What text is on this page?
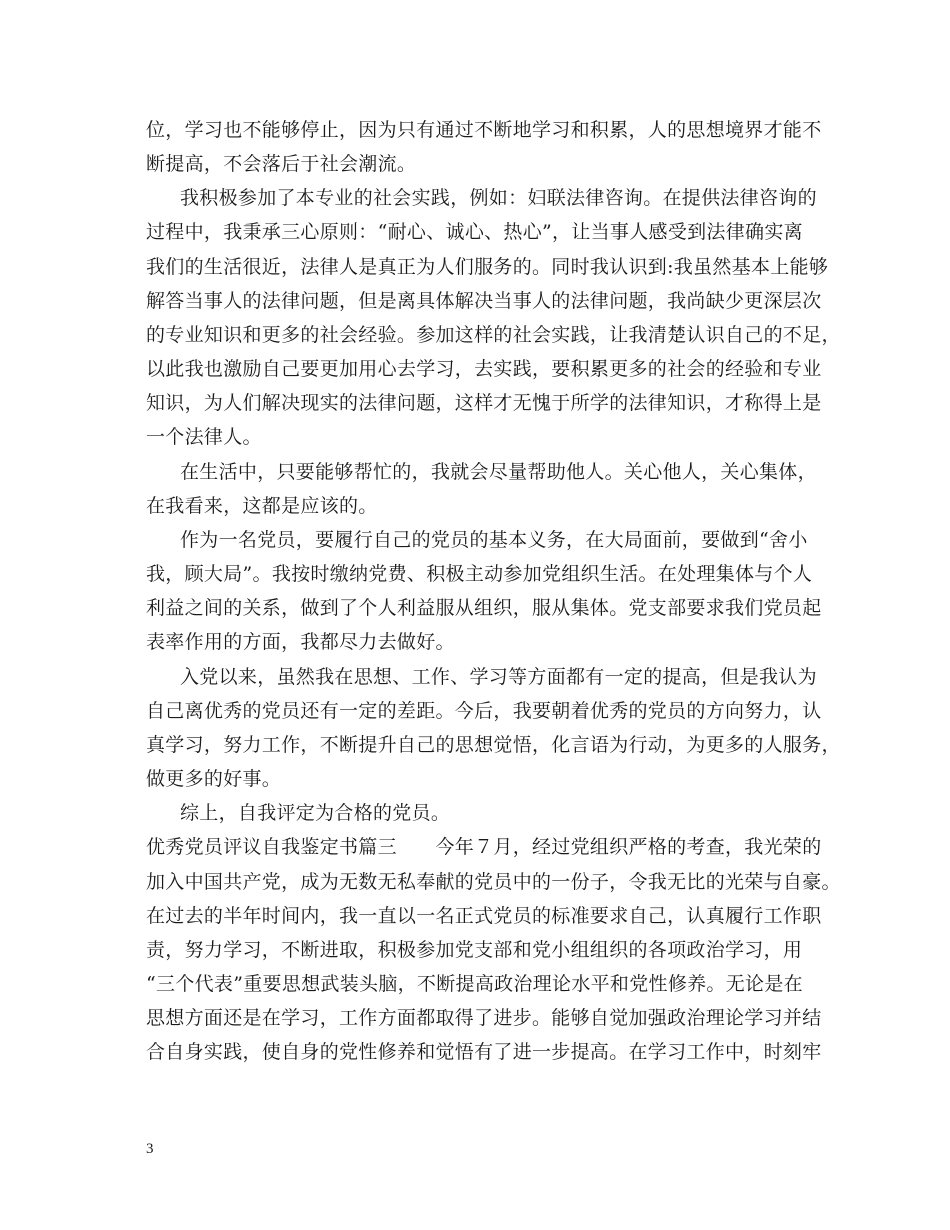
位，学习也不能够停止，因为只有通过不断地学习和积累，人的思想境界才能不
断提高，不会落后于社会潮流。
我积极参加了本专业的社会实践，例如：妇联法律咨询。在提供法律咨询的
过程中，我秉承三心原则：“耐心、诚心、热心”，让当事人感受到法律确实离
我们的生活很近，法律人是真正为人们服务的。同时我认识到:我虽然基本上能够
解答当事人的法律问题，但是离具体解决当事人的法律问题，我尚缺少更深层次
的专业知识和更多的社会经验。参加这样的社会实践，让我清楚认识自己的不足，
以此我也激励自己要更加用心去学习，去实践，要积累更多的社会的经验和专业
知识，为人们解决现实的法律问题，这样才无愧于所学的法律知识，才称得上是
一个法律人。
在生活中，只要能够帮忙的，我就会尽量帮助他人。关心他人，关心集体，
在我看来，这都是应该的。
作为一名党员，要履行自己的党员的基本义务，在大局面前，要做到“舍小
我，顾大局”。我按时缴纳党费、积极主动参加党组织生活。在处理集体与个人
利益之间的关系，做到了个人利益服从组织，服从集体。党支部要求我们党员起
表率作用的方面，我都尽力去做好。
入党以来，虽然我在思想、工作、学习等方面都有一定的提高，但是我认为
自己离优秀的党员还有一定的差距。今后，我要朝着优秀的党员的方向努力，认
真学习，努力工作，不断提升自己的思想觉悟，化言语为行动，为更多的人服务，
做更多的好事。
综上，自我评定为合格的党员。
优秀党员评议自我鉴定书篇三　　今年７月，经过党组织严格的考查，我光荣的
加入中国共产党，成为无数无私奉献的党员中的一份子，令我无比的光荣与自豪。
在过去的半年时间内，我一直以一名正式党员的标准要求自己，认真履行工作职
责，努力学习，不断进取，积极参加党支部和党小组组织的各项政治学习，用
“三个代表”重要思想武装头脑，不断提高政治理论水平和党性修养。无论是在
思想方面还是在学习，工作方面都取得了进步。能够自觉加强政治理论学习并结
合自身实践，使自身的党性修养和觉悟有了进一步提高。在学习工作中，时刻牢
3
